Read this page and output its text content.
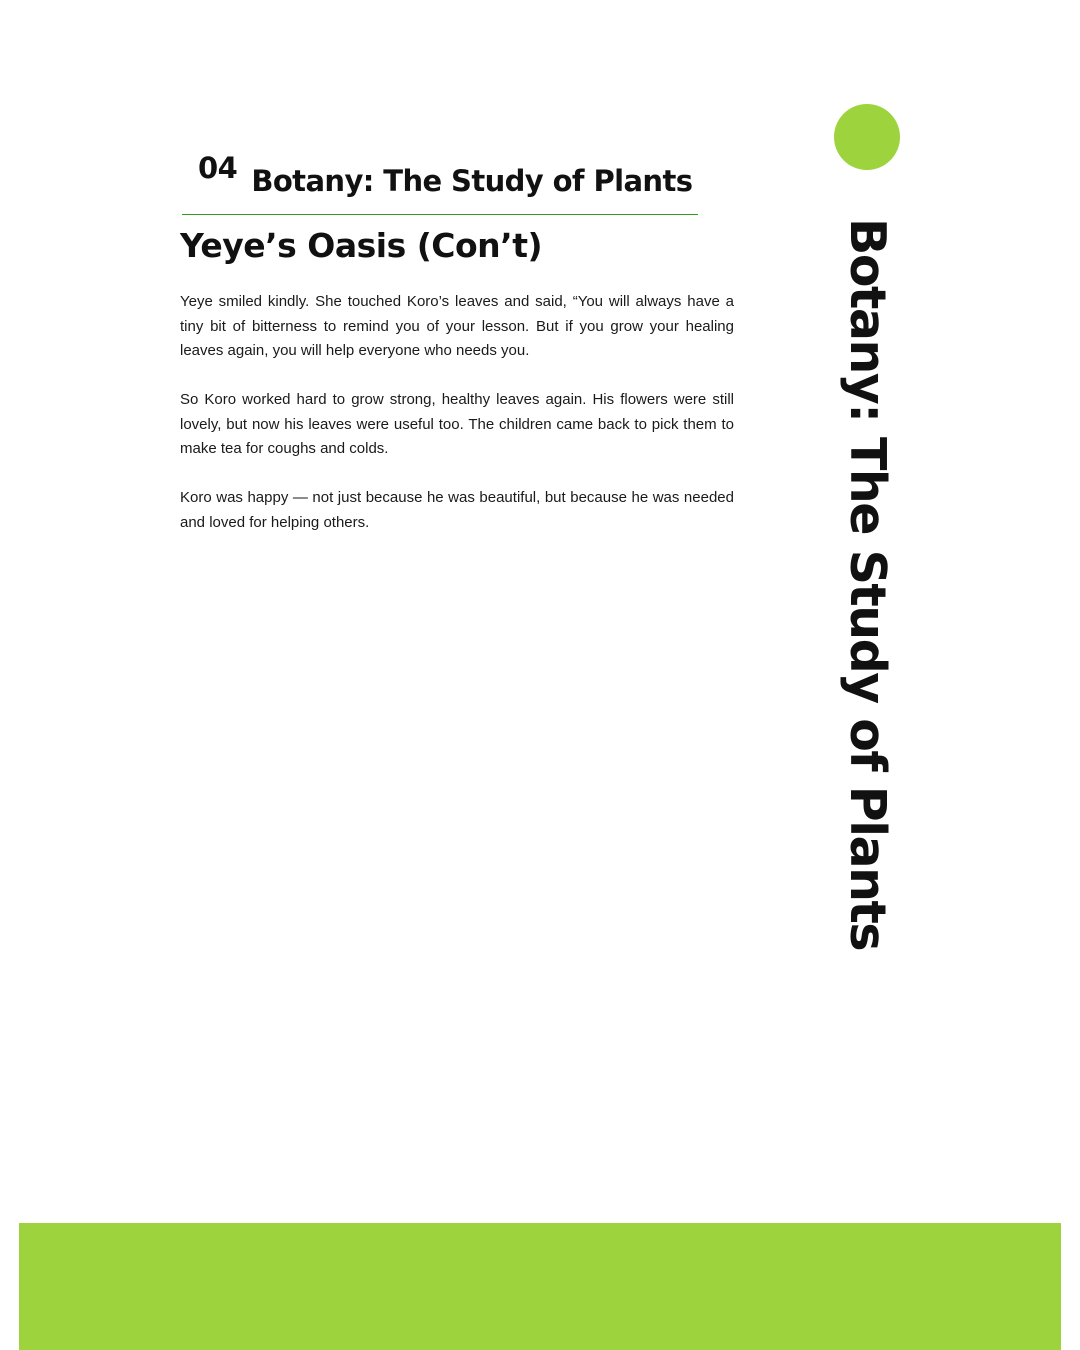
04 Botany: The Study of Plants
Yeye’s Oasis (Con’t)

Yeye smiled kindly. She touched Koro’s leaves and said, “You will always have a tiny bit of bitterness to remind you of your lesson. But if you grow your healing leaves again, you will help everyone who needs you.

So Koro worked hard to grow strong, healthy leaves again. His flowers were still lovely, but now his leaves were useful too. The children came back to pick them to make tea for coughs and colds.

Koro was happy — not just because he was beautiful, but because he was needed and loved for helping others.	Botany: The Study of Plants
